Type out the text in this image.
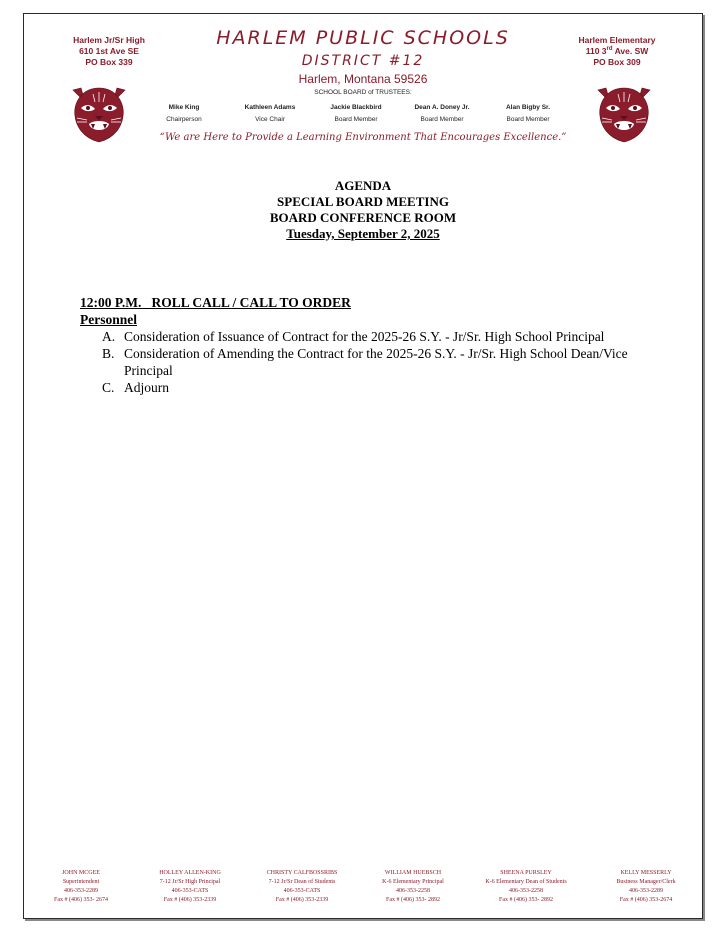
Harlem Jr/Sr High
610 1st Ave SE
PO Box 339
Harlem Elementary
110 3rd Ave. SW
PO Box 309
HARLEM PUBLIC SCHOOLS
DISTRICT #12
Harlem, Montana 59526
SCHOOL BOARD of TRUSTEES:
Mike King
Chairperson
Kathleen Adams
Vice Chair
Jackie Blackbird
Board Member
Dean A. Doney Jr.
Board Member
Alan Bigby Sr.
Board Member
“We are Here to Provide a Learning Environment That Encourages Excellence.”
AGENDA
SPECIAL BOARD MEETING
BOARD CONFERENCE ROOM
Tuesday, September 2, 2025
12:00 P.M.   ROLL CALL / CALL TO ORDER
Personnel
A. Consideration of Issuance of Contract for the 2025-26 S.Y. - Jr/Sr. High School Principal
B. Consideration of Amending the Contract for the 2025-26 S.Y. - Jr/Sr. High School Dean/Vice Principal
C. Adjourn
JOHN MCGEE
Superintendent
406-353-2289
Fax # (406) 353- 2674
HOLLEY ALLEN-KING
7-12 Jr/Sr High Principal
406-353-CATS
Fax # (406) 353-2339
CHRISTY CALFBOSSRIBS
7-12 Jr/Sr Dean of Students
406-353-CATS
Fax # (406) 353-2339
WILLIAM HUEBSCH
K-6 Elementary Principal
406-353-2258
Fax # (406) 353- 2892
SHEENA PURSLEY
K-6 Elementary Dean of Students
406-353-2258
Fax # (406) 353- 2892
KELLY MESSERLY
Business Manager/Clerk
406-353-2289
Fax # (406) 353-2674
